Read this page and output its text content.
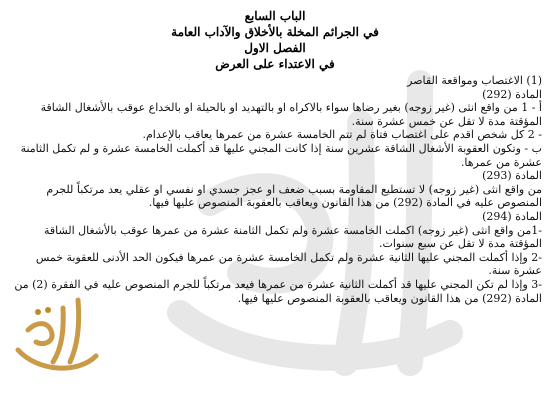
الباب السابع
في الجرائم المخلة بالأخلاق والآداب العامة
الفصل الاول
في الاعتداء على العرض

(1) الاغتصاب ومواقعة القاصر

المادة (292)

أ - 1 من واقع انثى (غير زوجه) بغير رضاها سواء بالاكراه او بالتهديد او بالحيلة او بالخداع عوقب بالأشغال الشاقة المؤقتة مدة لا تقل عن خمس عشرة سنة.

- 2 كل شخص اقدم على اغتصاب فتاة لم تتم الخامسة عشرة من عمرها يعاقب بالإعدام.

ب - وتكون العقوبة الأشغال الشاقة عشرين سنة إذا كانت المجني عليها قد أكملت الخامسة عشرة و لم تكمل الثامنة عشرة من عمرها.

المادة (293)

من واقع انثى (غير زوجه) لا تستطيع المقاومة بسبب ضعف او عجز جسدي او نفسي او عقلي يعد مرتكباً للجرم المنصوص عليه في المادة (292) من هذا القانون ويعاقب بالعقوبة المنصوص عليها فيها.

المادة (294)

-1من واقع انثى (غير زوجه) اكملت الخامسة عشرة ولم تكمل الثامنة عشرة من عمرها عوقب بالأشغال الشاقة المؤقتة مدة لا تقل عن سبع سنوات.

-2 وإذا أكملت المجني عليها الثانية عشرة ولم تكمل الخامسة عشرة من عمرها فيكون الحد الأدنى للعقوبة خمس عشرة سنة.

-3 وإذا لم تكن المجني عليها قد أكملت الثانية عشرة من عمرها فيعد مرتكباً للجرم المنصوص عليه في الفقرة (2) من المادة (292) من هذا القانون ويعاقب بالعقوبة المنصوص عليها فيها.
